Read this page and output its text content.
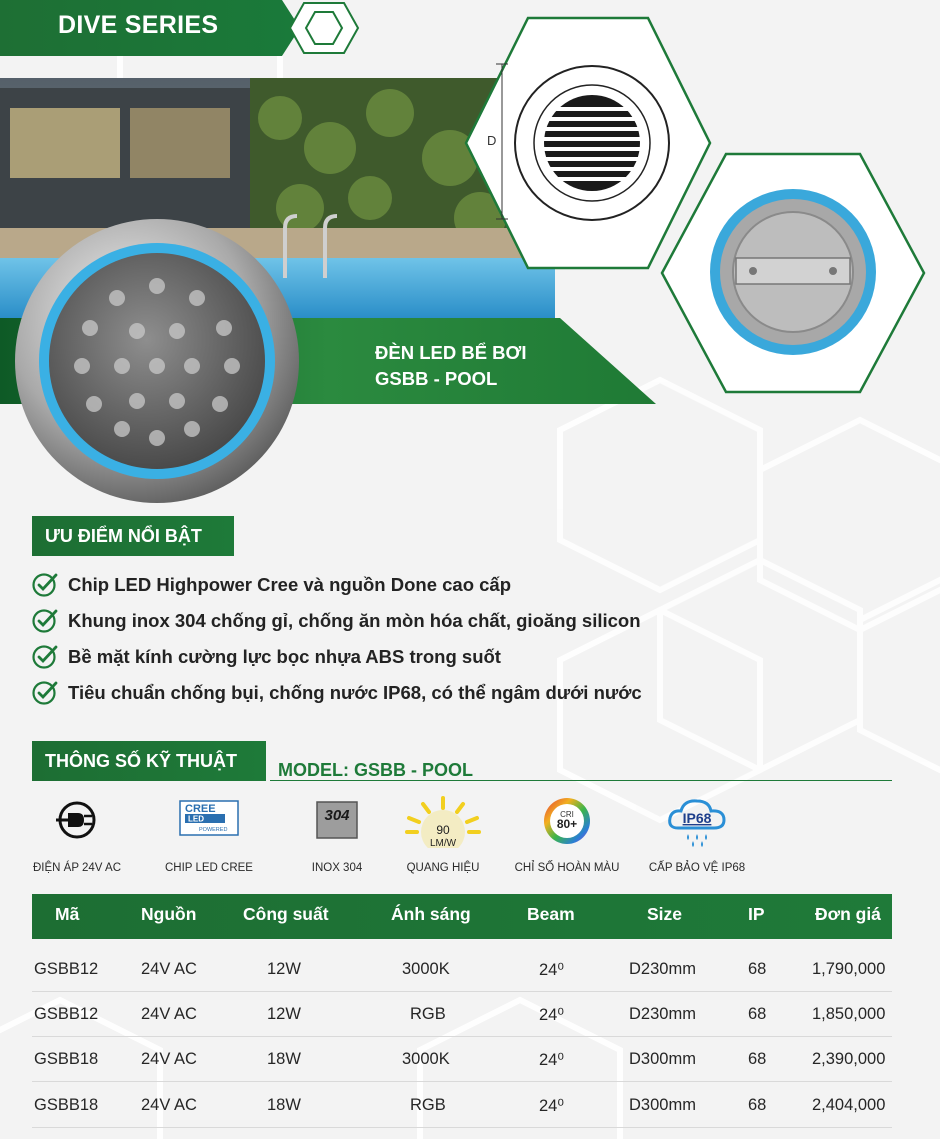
DIVE SERIES
ĐÈN LED BỂ BƠI
GSBB - POOL
D
ƯU ĐIỂM NỔI BẬT
Chip LED Highpower Cree và nguồn Done cao cấp
Khung inox 304 chống gỉ, chống ăn mòn hóa chất, gioăng silicon
Bề mặt kính cường lực bọc nhựa ABS trong suốt
Tiêu chuẩn chống bụi, chống nước IP68, có thể ngâm dưới nước
THÔNG SỐ KỸ THUẬT	MODEL: GSBB - POOL
CREE
LED
POWERED
304
90
LM/W
CRI
80+	IP68
ĐIỆN ÁP 24V AC	CHIP LED CREE	INOX 304	QUANG HIỆU	CHỈ SỐ HOÀN MÀU	CẤP BẢO VỆ IP68
Mã	Nguồn	Công suất	Ánh sáng	Beam	Size	IP	Đơn giá
GSBB12	24V AC	12W	3000K	24⁰	D230mm	68	1,790,000
GSBB12	24V AC	12W	RGB	24⁰	D230mm	68	1,850,000
GSBB18	24V AC	18W	3000K	24⁰	D300mm	68	2,390,000
GSBB18	24V AC	18W	RGB	24⁰	D300mm	68	2,404,000
